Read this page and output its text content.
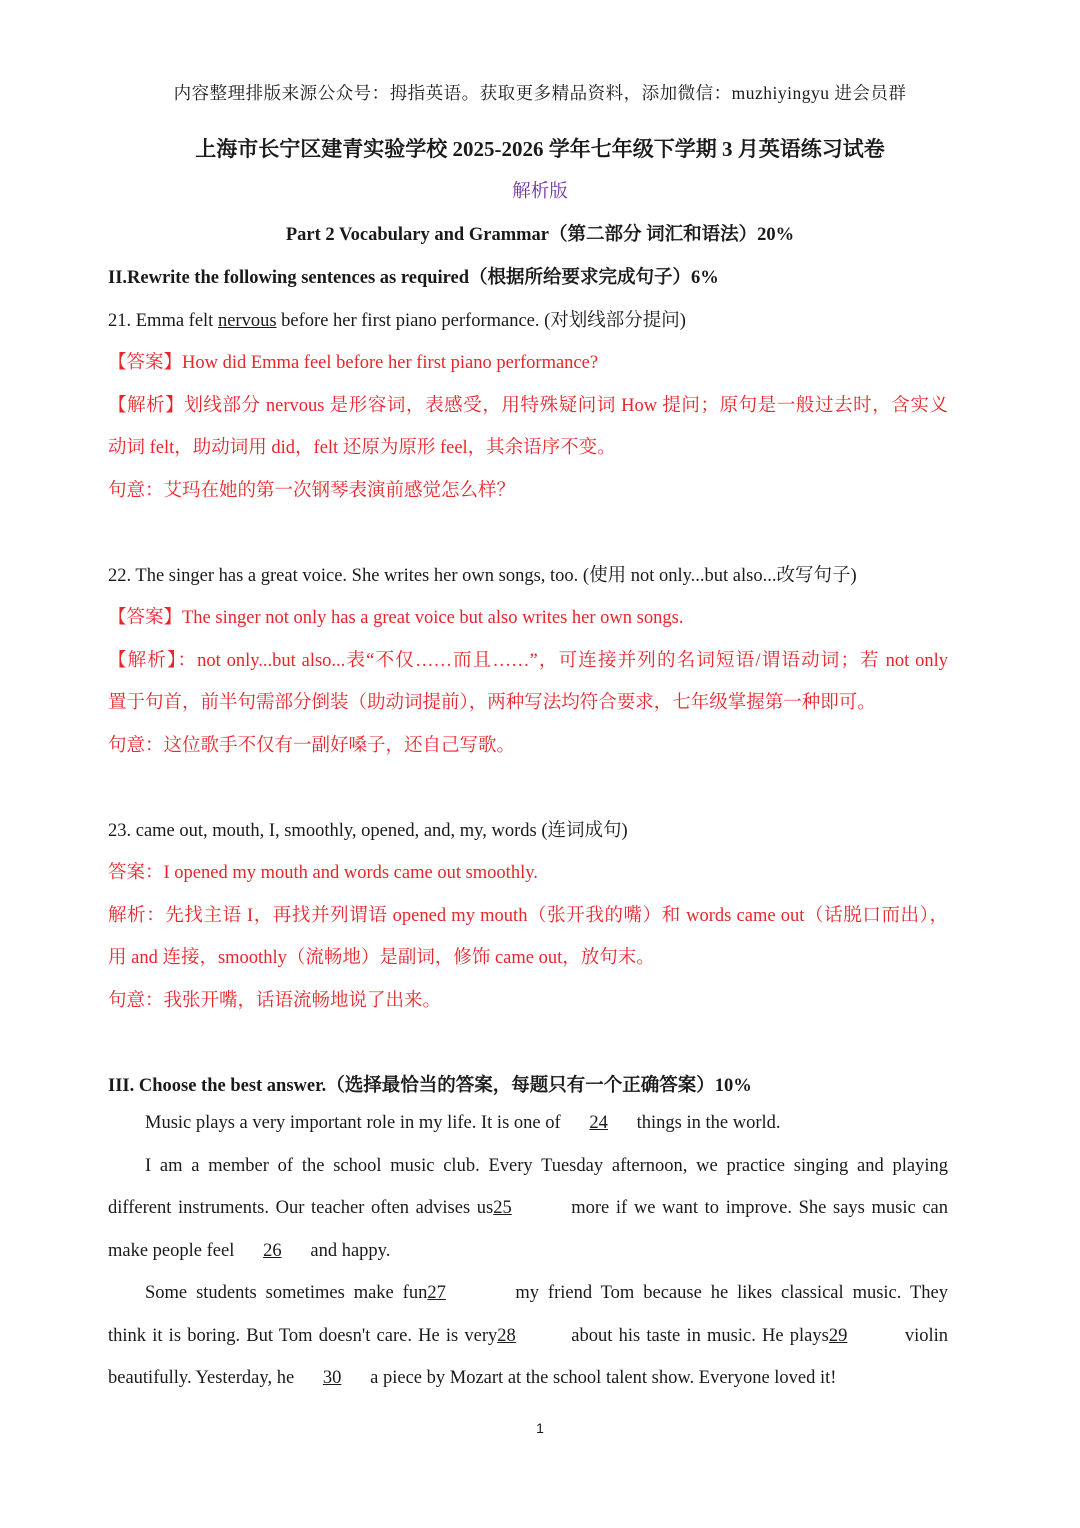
内容整理排版来源公众号：拇指英语。获取更多精品资料，添加微信：muzhiyingyu 进会员群
上海市长宁区建青实验学校 2025-2026 学年七年级下学期 3 月英语练习试卷
解析版
Part 2 Vocabulary and Grammar（第二部分 词汇和语法）20%
II.Rewrite the following sentences as required（根据所给要求完成句子）6%
21. Emma felt nervous before her first piano performance. (对划线部分提问)
【答案】How did Emma feel before her first piano performance?
【解析】划线部分 nervous 是形容词，表感受，用特殊疑问词 How 提问；原句是一般过去时，含实义
动词 felt，助动词用 did，felt 还原为原形 feel，其余语序不变。
句意：艾玛在她的第一次钢琴表演前感觉怎么样？
22. The singer has a great voice. She writes her own songs, too. (使用 not only...but also...改写句子)
【答案】The singer not only has a great voice but also writes her own songs.
【解析】：not only...but also...表“不仅……而且……”，可连接并列的名词短语/谓语动词；若 not only
置于句首，前半句需部分倒装（助动词提前），两种写法均符合要求，七年级掌握第一种即可。
句意：这位歌手不仅有一副好嗓子，还自己写歌。
23. came out, mouth, I, smoothly, opened, and, my, words (连词成句)
答案：I opened my mouth and words came out smoothly.
解析：先找主语 I，再找并列谓语 opened my mouth（张开我的嘴）和 words came out（话脱口而出），
用 and 连接，smoothly（流畅地）是副词，修饰 came out，放句末。
句意：我张开嘴，话语流畅地说了出来。
III. Choose the best answer.（选择最恰当的答案，每题只有一个正确答案）10%
Music plays a very important role in my life. It is one of 24 things in the world.
I am a member of the school music club. Every Tuesday afternoon, we practice singing and playing
different instruments. Our teacher often advises us25	more if we want to improve. She says music can
make people feel 26 and happy.
Some students sometimes make fun27	my friend Tom because he likes classical music. They
think it is boring. But Tom doesn't care. He is very28	about his taste in music. He plays29	violin
beautifully. Yesterday, he 30 a piece by Mozart at the school talent show. Everyone loved it!
1
